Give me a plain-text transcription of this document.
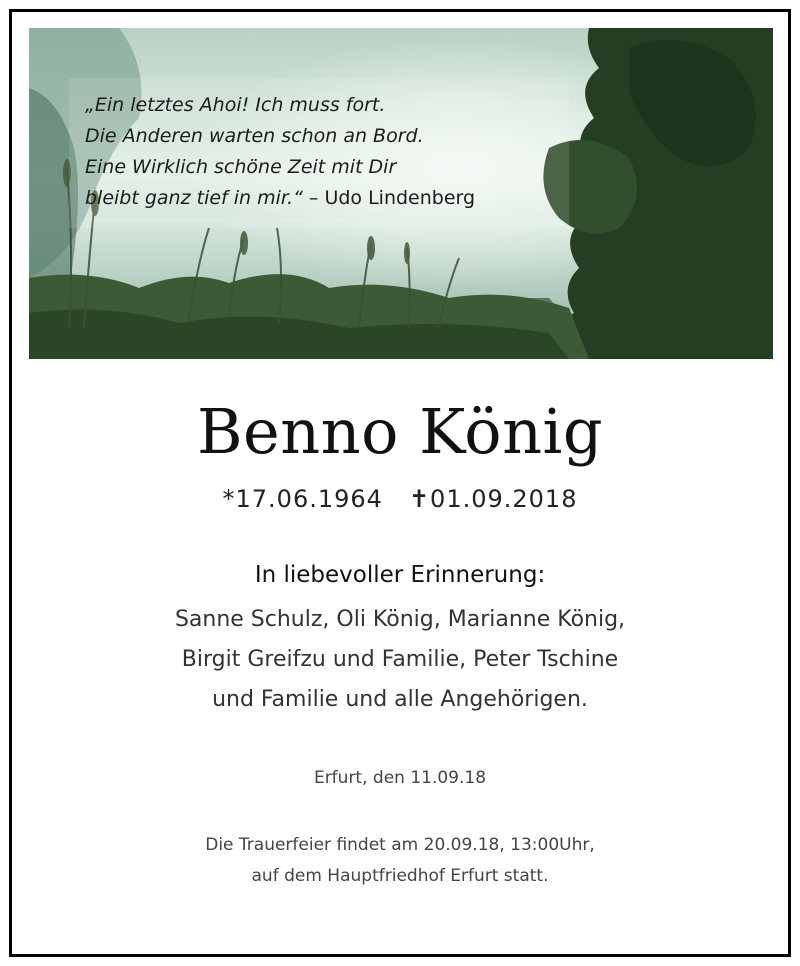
„Ein letztes Ahoi! Ich muss fort.
Die Anderen warten schon an Bord.
Eine Wirklich schöne Zeit mit Dir
bleibt ganz tief in mir.“ – Udo Lindenberg
Benno König
*17.06.1964 ✝01.09.2018
In liebevoller Erinnerung:
Sanne Schulz, Oli König, Marianne König,
Birgit Greifzu und Familie, Peter Tschine
und Familie und alle Angehörigen.
Erfurt, den 11.09.18
Die Trauerfeier findet am 20.09.18, 13:00Uhr,
auf dem Hauptfriedhof Erfurt statt.
